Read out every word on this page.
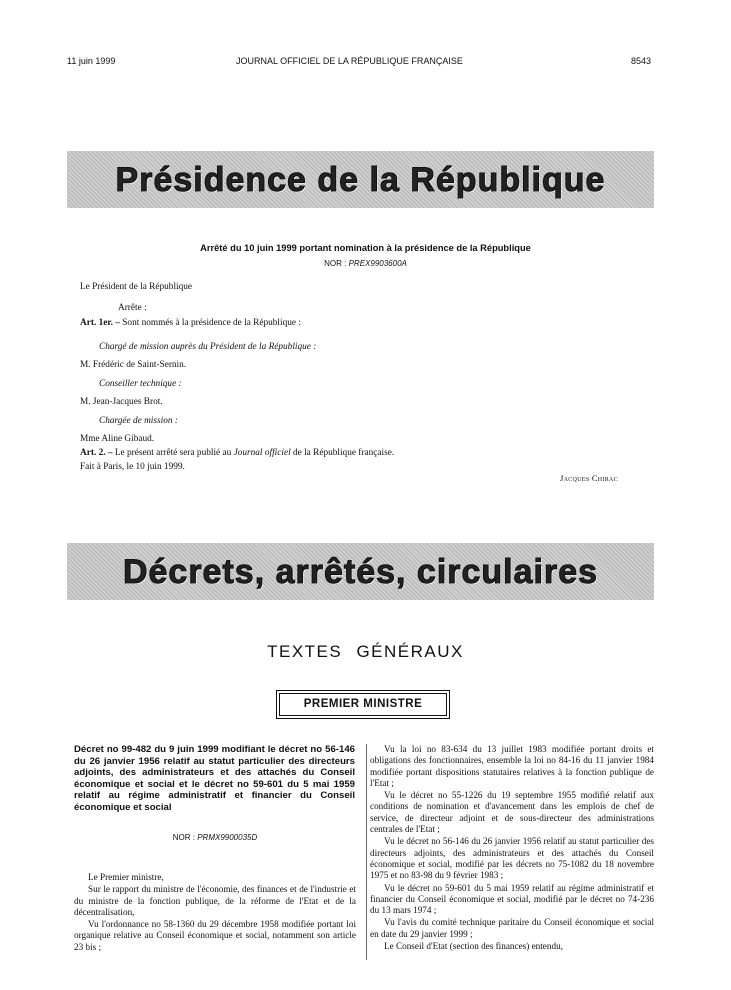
11 juin 1999	JOURNAL OFFICIEL DE LA RÉPUBLIQUE FRANÇAISE	8543
Présidence de la République
Arrêté du 10 juin 1999 portant nomination à la présidence de la République
NOR : PREX9903600A
Le Président de la République
Arrête :
Art. 1er. – Sont nommés à la présidence de la République :
Chargé de mission auprès du Président de la République :
M. Frédéric de Saint-Sernin.
Conseiller technique :
M. Jean-Jacques Brot.
Chargée de mission :
Mme Aline Gibaud.
Art. 2. – Le présent arrêté sera publié au Journal officiel de la République française.
Fait à Paris, le 10 juin 1999.
Jacques Chirac
Décrets, arrêtés, circulaires
TEXTES GÉNÉRAUX
PREMIER MINISTRE
Décret no 99-482 du 9 juin 1999 modifiant le décret no 56-146 du 26 janvier 1956 relatif au statut particulier des directeurs adjoints, des administrateurs et des attachés du Conseil économique et social et le décret no 59-601 du 5 mai 1959 relatif au régime administratif et financier du Conseil économique et social
NOR : PRMX9900035D

Le Premier ministre,

Sur le rapport du ministre de l'économie, des finances et de l'industrie et du ministre de la fonction publique, de la réforme de l'Etat et de la décentralisation,

Vu l'ordonnance no 58-1360 du 29 décembre 1958 modifiée portant loi organique relative au Conseil économique et social, notamment son article 23 bis ;

Vu la loi no 83-634 du 13 juillet 1983 modifiée portant droits et obligations des fonctionnaires, ensemble la loi no 84-16 du 11 janvier 1984 modifiée portant dispositions statutaires relatives à la fonction publique de l'Etat ;

Vu le décret no 55-1226 du 19 septembre 1955 modifié relatif aux conditions de nomination et d'avancement dans les emplois de chef de service, de directeur adjoint et de sous-directeur des administrations centrales de l'Etat ;

Vu le décret no 56-146 du 26 janvier 1956 relatif au statut particulier des directeurs adjoints, des administrateurs et des attachés du Conseil économique et social, modifié par les décrets no 75-1082 du 18 novembre 1975 et no 83-98 du 9 février 1983 ;

Vu le décret no 59-601 du 5 mai 1959 relatif au régime administratif et financier du Conseil économique et social, modifié par le décret no 74-236 du 13 mars 1974 ;

Vu l'avis du comité technique paritaire du Conseil économique et social en date du 29 janvier 1999 ;

Le Conseil d'Etat (section des finances) entendu,
